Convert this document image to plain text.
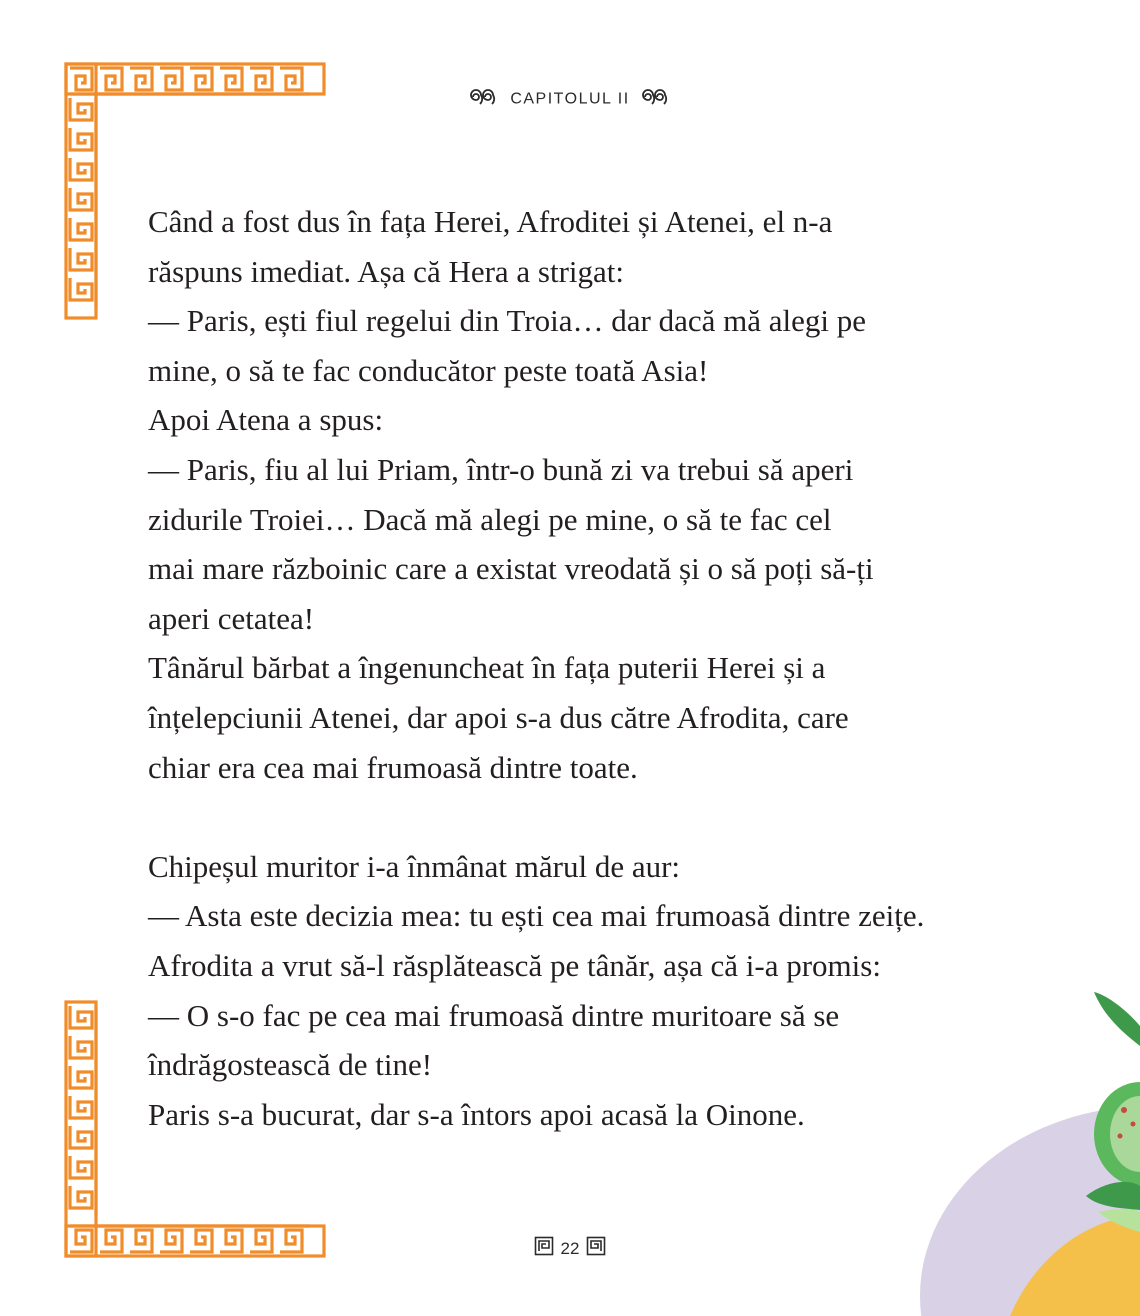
CAPITOLUL II
Când a fost dus în fața Herei, Afroditei și Atenei, el n-a
răspuns imediat. Așa că Hera a strigat:
— Paris, ești fiul regelui din Troia… dar dacă mă alegi pe
mine, o să te fac conducător peste toată Asia!
Apoi Atena a spus:
— Paris, fiu al lui Priam, într-o bună zi va trebui să aperi
zidurile Troiei… Dacă mă alegi pe mine, o să te fac cel
mai mare războinic care a existat vreodată și o să poți să-ți
aperi cetatea!
Tânărul bărbat a îngenuncheat în fața puterii Herei și a
înțelepciunii Atenei, dar apoi s-a dus către Afrodita, care
chiar era cea mai frumoasă dintre toate.
Chipeșul muritor i-a înmânat mărul de aur:
— Asta este decizia mea: tu ești cea mai frumoasă dintre zeițe.
Afrodita a vrut să-l răsplătească pe tânăr, așa că i-a promis:
— O s-o fac pe cea mai frumoasă dintre muritoare să se
îndrăgostească de tine!
Paris s-a bucurat, dar s-a întors apoi acasă la Oinone.
22
